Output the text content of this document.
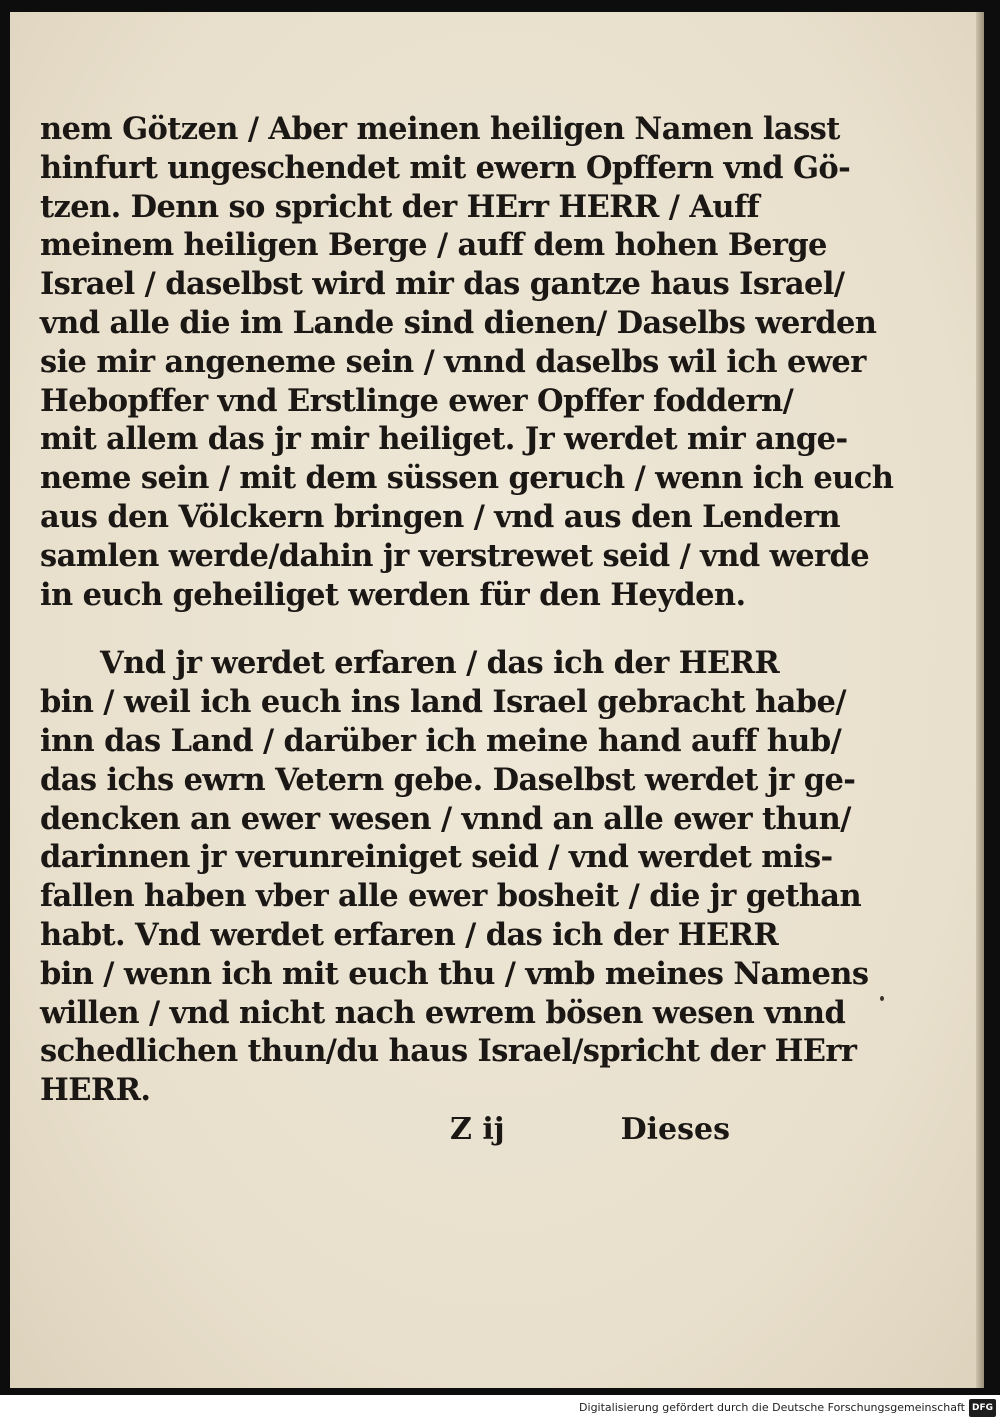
nem Götzen / Aber meinen heiligen Namen lasst
hinfurt ungeschendet mit ewern Opffern vnd Gö-
tzen. Denn so spricht der HErr HERR / Auff
meinem heiligen Berge / auff dem hohen Berge
Israel / daselbst wird mir das gantze haus Israel/
vnd alle die im Lande sind dienen/ Daselbs werden
sie mir angeneme sein / vnnd daselbs wil ich ewer
Hebopffer vnd Erstlinge ewer Opffer foddern/
mit allem das jr mir heiliget. Jr werdet mir ange-
neme sein / mit dem süssen geruch / wenn ich euch
aus den Völckern bringen / vnd aus den Lendern
samlen werde/dahin jr verstrewet seid / vnd werde
in euch geheiliget werden für den Heyden.
Vnd jr werdet erfaren / das ich der HERR
bin / weil ich euch ins land Israel gebracht habe/
inn das Land / darüber ich meine hand auff hub/
das ichs ewrn Vetern gebe. Daselbst werdet jr ge-
dencken an ewer wesen / vnnd an alle ewer thun/
darinnen jr verunreiniget seid / vnd werdet mis-
fallen haben vber alle ewer bosheit / die jr gethan
habt. Vnd werdet erfaren / das ich der HERR
bin / wenn ich mit euch thu / vmb meines Namens
willen / vnd nicht nach ewrem bösen wesen vnnd
schedlichen thun/du haus Israel/spricht der HErr
HERR.
Z ij	Dieses
Digitalisierung gefördert durch die Deutsche Forschungsgemeinschaft DFG
